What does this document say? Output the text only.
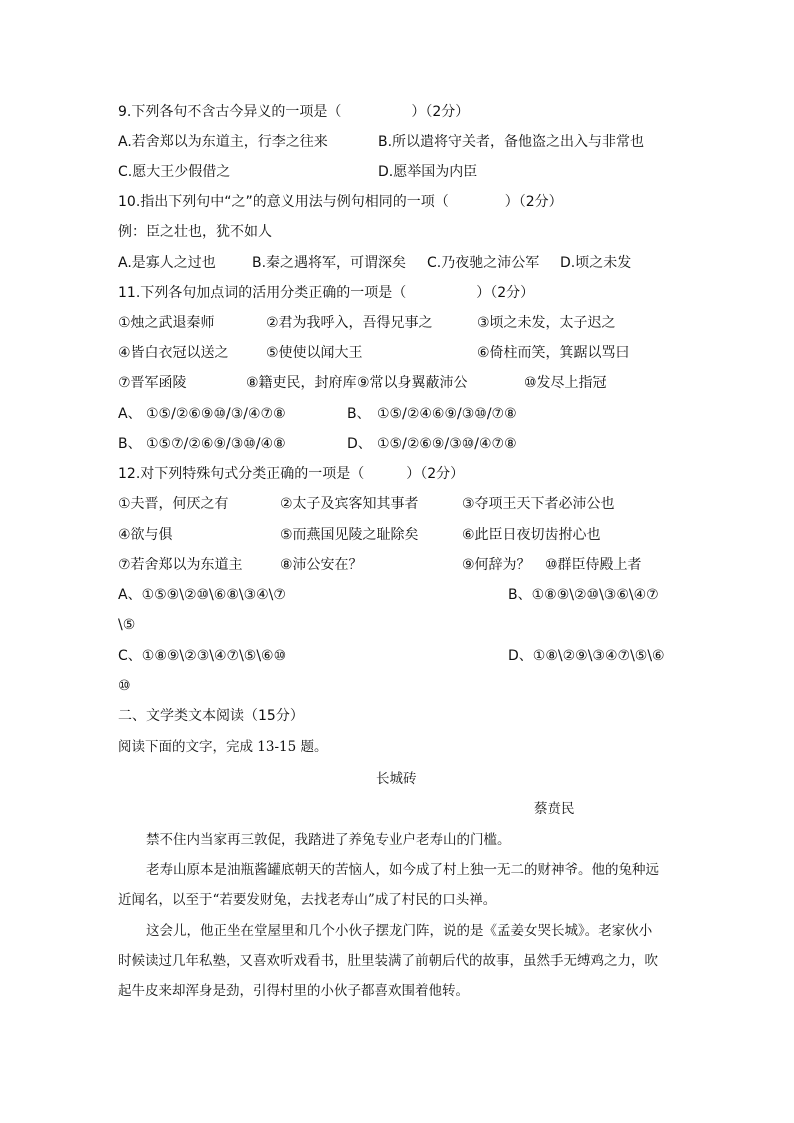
9.下列各句不含古今异义的一项是（　　　　　）（2分）
A.若舍郑以为东道主，行李之往来	B.所以遣将守关者，备他盗之出入与非常也
C.愿大王少假借之	D.愿举国为内臣
10.指出下列句中“之”的意义用法与例句相同的一项（　　　　）（2分）
例：臣之壮也，犹不如人
A.是寡人之过也	B.秦之遇将军，可谓深矣 C.乃夜驰之沛公军 D.顷之未发
11.下列各句加点词的活用分类正确的一项是（　　　　　）（2分）
①烛之武退秦师	②君为我呼入，吾得兄事之	③顷之未发，太子迟之
④皆白衣冠以送之	⑤使使以闻大王	⑥倚柱而笑，箕踞以骂曰
⑦晋军函陵	⑧籍吏民，封府库 ⑨常以身翼蔽沛公	⑩发尽上指冠
A、 ①⑤/②⑥⑨⑩/③/④⑦⑧	B、 ①⑤/②④⑥⑨/③⑩/⑦⑧
B、 ①⑤⑦/②⑥⑨/③⑩/④⑧	D、 ①⑤/②⑥⑨/③⑩/④⑦⑧
12.对下列特殊句式分类正确的一项是（　　　）（2分）
①夫晋，何厌之有	②太子及宾客知其事者	③夺项王天下者必沛公也
④欲与俱	⑤而燕国见陵之耻除矣	⑥此臣日夜切齿拊心也
⑦若舍郑以为东道主	⑧沛公安在？	⑨何辞为？ ⑩群臣侍殿上者
A、①⑤⑨\②⑩\⑥⑧\③④\⑦	B、①⑧⑨\②⑩\③⑥\④⑦
\⑤
C、①⑧⑨\②③\④⑦\⑤\⑥⑩	D、①⑧\②⑨\③④⑦\⑤\⑥
⑩
二、文学类文本阅读（15分）
阅读下面的文字，完成 13-15 题。
长城砖
蔡贲民
禁不住内当家再三敦促，我踏进了养兔专业户老寿山的门槛。
老寿山原本是油瓶酱罐底朝天的苦恼人，如今成了村上独一无二的财神爷。他的兔种远
近闻名，以至于“若要发财兔，去找老寿山”成了村民的口头禅。
这会儿，他正坐在堂屋里和几个小伙子摆龙门阵，说的是《孟姜女哭长城》。老家伙小
时候读过几年私塾，又喜欢听戏看书，肚里装满了前朝后代的故事，虽然手无缚鸡之力，吹
起牛皮来却浑身是劲，引得村里的小伙子都喜欢围着他转。
